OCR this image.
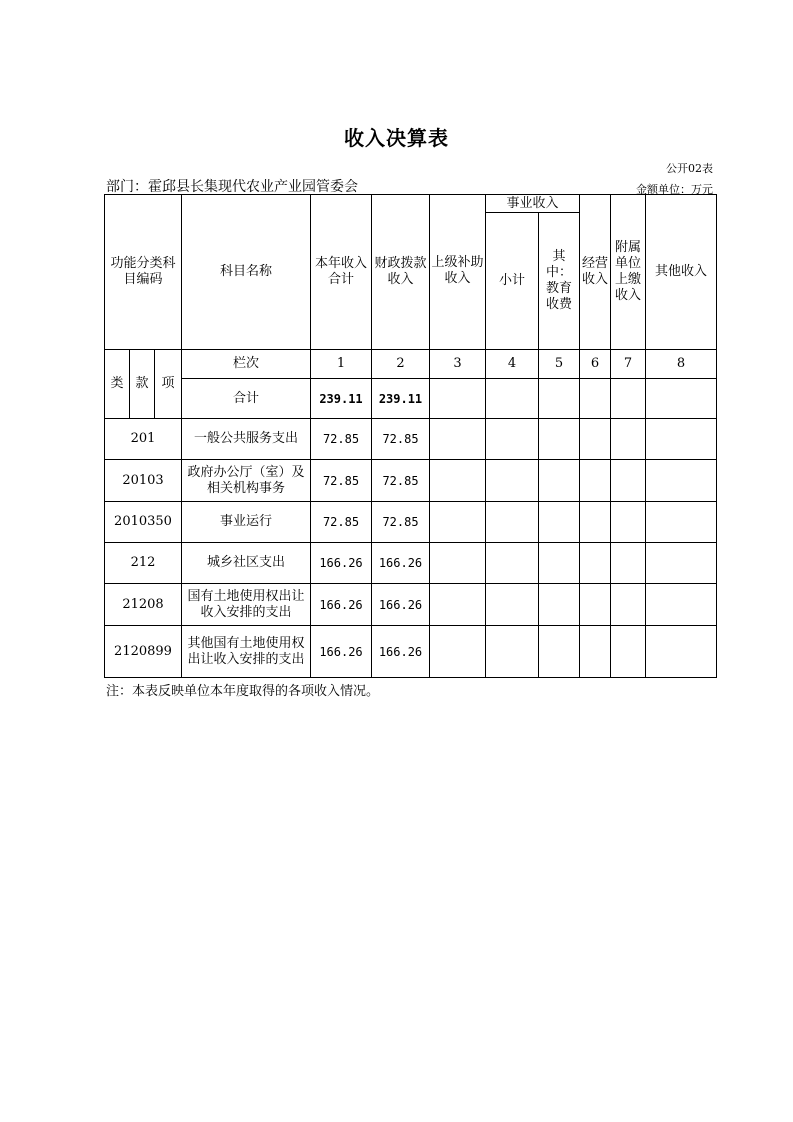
收入决算表
公开02表
部门：霍邱县长集现代农业产业园管委会	金额单位：万元
功能分类科目编码			科目名称	本年收入合计	财政拨款收入	上级补助收入	事业收入		经营收入	附属单位上缴收入	其他收入
							小计	其中：教育收费			
类	款	项	栏次	1	2	3	4	5	6	7	8
			合计	239.11	239.11						
201			一般公共服务支出	72.85	72.85						
20103			政府办公厅（室）及相关机构事务	72.85	72.85						
2010350			事业运行	72.85	72.85						
212			城乡社区支出	166.26	166.26						
21208			国有土地使用权出让收入安排的支出	166.26	166.26						
2120899			其他国有土地使用权出让收入安排的支出	166.26	166.26						
注：本表反映单位本年度取得的各项收入情况。
